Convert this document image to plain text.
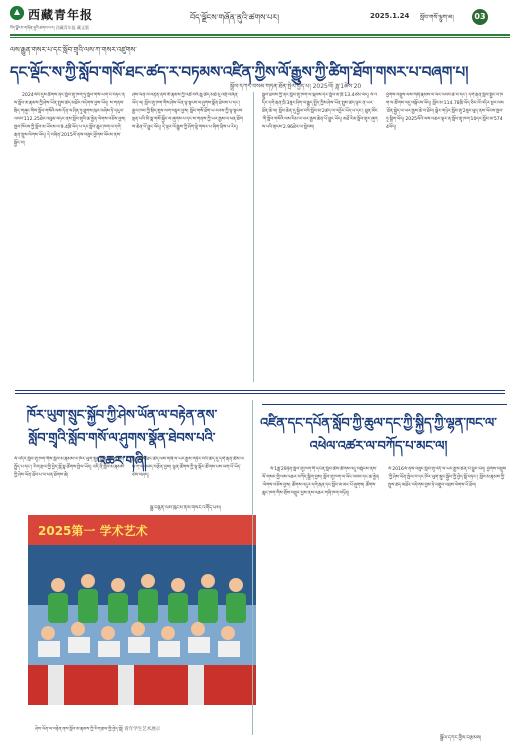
西藏青年报
བོད་ལྗོངས་གཞོན་ནུའི་ཚགས་པར། 西藏青年报 藏文版
བོད་ལྗོངས་གཞོན་ནུའི་ཚགས་པར།	2025.1.24 སློབ་གསོ་ལྷུག་མ།	03
ལས་རྒྱུན་གསར་པ་དང་སློབ་གྲྭའི་ལས་ཀ་གསར་འཛུགས་
དང་ལྡོང་ས་ཀྱི་སློབ་གསོ་ཐང་ཚད་ར་བཏམས་འཛིན་ཀྱིས་ལོ་རྒྱུས་ཀྱི་ཚིག་ཐོག་གསར་པ་བཞག་པ།
སྒྲོལ་དཀར་བསམ་གཏན་ཐོན་སྤེལ་བྱེད་པ། 2025ལོ། ཟླ་1ཚེས་20
2024ལོའི་དུས་ཚིགས་ནང་སློབ་གྲྭ་ཁག་ཏུ་སློབ་གསོ་ཡག་པོ་བཏང་ནས་སློབ་མ་རྣམས་ཀྱི་ཤེས་ཡོན་སྤུས་ཚད་མཐོར་འདེགས་བྱས་ཡོད། ས་གནས་སྲིད་གཞུང་གིས་སློབ་གསོའི་ལས་དོན་ལ་ཤིན་ཏུ་ཐུགས་ཁུར་བཞེས་ཏེ་དངུལ་འབབ་112.25ཐེར་འབུམ་བཏང་ནས་སློབ་གྲྭའི་ཆ་རྐྱེན་ལེགས་བཅོས་བྱས། ཁྱབ་ཁོངས་ཀྱི་སློབ་མ་ཡོངས་ལ་9.4ཁྲི་ཡོད་པ་དང་སློབ་ཆུང་ཁག་ལ་དགེ་རྒན་སྤུས་ལེགས་ཡོད། དེ་བཞིན་2015ལོ་ནས་བཟུང་ཕྱོགས་ཡོངས་ནས་སྐྱོང་བ།
ཤེས་ཡོན་ལ་བརྟེན་ནས་མི་རྣམས་ཀྱི་འཚོ་བའི་ཆུ་ཚད་མཐོ་རུ་འགྲོ་བཞིན་ཡོད་ལ། སློབ་གྲྭ་ཁག་གིས་ཤེས་ཡོན་ལྟ་སྟངས་ལ་ཤུགས་སྣོན་ཐེབས་པ་དང་། རྒྱལ་ཁབ་ཀྱི་སྲིད་ཇུས་ལག་བསྟར་བྱས། སློབ་གསོ་ཐོག་ཡ་རབས་ཀྱི་ལྟ་སྟངས་ལྡན་པའི་མི་སྣ་གསོ་སྐྱོང་ལ་ཞུགས་པ་དང་ས་གནས་ཀྱི་ཡར་རྒྱས་ལ་ཕན་ཐོགས་ཆེན་པོ་བྱུང་ཡོད། དེ་ལྟར་ལོ་རྒྱུས་ཀྱི་ཤོག་ལྷེ་གསར་པ་ཞིག་བྲིས་པ་རེད།
སྒྲུབ་ཐབས་ཀྱི་ནང་སློབ་གྲྭ་ཁག་ལ་སྐབས་དེར་སློབ་མ་ཁྲི་13.4ཙམ་ཡོད། ལོ་འདིར་དགེ་རྒན་ཁྲི་3ཟུར་ཤིག་ལ་རྒྱུད་སྤྲོད་ཀྱིས་ཤེས་ཡོན་སྤུས་ཚད་ལྟར་ན་ཡར་ཐོན་ཆེ་ལ། སློབ་ཆེན་དུ་སྐྱེལ་བའི་སློབ་མ་2ཚད་ལ་འབྱོར་ཡོད་པ་དང་། ཐུན་མོང་གི་སློབ་གསོའི་ལས་རིམ་ལ་ཡར་རྒྱས་ཆེན་པོ་བྱུང་ཡོད། མཐོ་རིམ་སློབ་གྲྭར་ཞུགས་པའི་གྲངས་2.96ཐེར་ལ་སླེབས།
ཕྱོགས་བསྡུས་ལས་གཞི་རྣམས་ལ་ཡོང་འབབ་ཆེ་བ་དང་། དགེ་རྒན་སློབ་སྦྱོང་བ་ཁག་ལ་ཚོགས་འདུ་བསྐོངས་ཡོད། སློབ་མ་114.78ཁྲི་ཡོད་ཅིང་ལོ་འདིར་སྔར་ལས་ཐོན་སྐྱེད་ལ་ཡར་རྒྱས་ཆེ་བ་ཐོབ། སྒེར་གཉེར་སློབ་གྲྭ་2ཟུར་ཕུད་ནས་ཡོངས་ཁྱབ་ཏུ་སྒྲིག་ཡོད། 2025ལོའི་ལས་འཆར་ལྟར་ན་སློབ་གྲྭ་ཁག་10དང་སློབ་མ་5744ཡོད།
ཁོར་ཡུག་སྲུང་སྐྱོབ་ཀྱི་ཤེས་ཡོན་ལ་བརྟེན་ནས་སློབ་གྲྭའི་སློབ་གསོ་ལ་ཤུགས་སྣོན་ཐེབས་པའི་འཆར་གཞི།
ལོ་འདིར་སློབ་གྲྭ་ཁག་གིས་སློབ་མ་རྣམས་ལ་ཁོར་ཡུག་སྲུང་སྐྱོབ་ཀྱི་ཤེས་ཡོན་སྤྲོད་པ་དང་། རིག་རྩལ་གྱི་བྱེད་སྒོ་སྣ་ཚོགས་སྤེལ་ཡོད། འདི་ནི་སློབ་མ་རྣམས་ཀྱི་ཤེས་ཡོན་ཐོབ་པ་ལ་ཕན་ཐོགས་ཆེ།
སློབ་གསོ་ཐང་ཚད་ལས་གཞི་ལ་ཡར་རྒྱས་གཏོང་བའི་ཆེད་དུ་དགེ་རྒན་ཚོས་ལས་ཀ་ལ་འབད་བརྩོན་བྱས། ལྷན་ཚོགས་ཀྱི་ལྟ་སྐོར་ཚོགས་པས་ཡག་པོ་ཡོད་ཅེས་བཤད།
སྒྲ་བརྙན་ལས་ཁུངས་ནས་གསར་འགོད་པས།
2025第一 学术艺术
ཤེས་ཡོན་ལ་བརྟེན་ནས་སློབ་མ་རྣམས་ཀྱི་རིག་རྩལ་གྱི་བྱེད་སྒོ། 青年学生艺术展示
འཛིན་དང་དཔོན་སློབ་ཀྱི་ཆུལ་དང་ཀྱི་སྐྱིད་ཀྱི་ལྷན་ཁང་ལ་འཕེལ་འཚར་ལ་བཀོད་པ་མང་ལ།
ལོ་1ཟླ་29ཉིན་སློབ་གྲྭ་ཁག་གི་དཔོན་སློབ་ཚོས་ཚོགས་འདུ་བསྐོངས་ནས་ལོ་གསར་གྱི་ལས་འཆར་བཀོད་སྒྲིག་བྱས། སློབ་གྲྭ་ཁག་ལ་ཡོང་འབབ་དང་ཆ་རྐྱེན་ལེགས་བཅོས་བྱས། ཚོགས་འདུར་དགེ་རྒན་དང་སློབ་མ་མང་པོ་ཞུགས། ཚོགས་ཆུང་ཁག་གིས་གྲོས་བསྡུར་བྱས་ནས་འཆར་གཞི་ཁག་བཏོན།
ལོ་2016ལོ་ནས་བཟུང་སློབ་གྲྭ་འདི་ལ་ཡར་རྒྱས་ཆེན་པོ་བྱུང་ཡོད། ཕྱོགས་བསྡུས་ཀྱི་ཤེས་ཡོན་སྤེལ་བ་དང་ཁོར་ཡུག་སྲུང་སྐྱོབ་ཀྱི་བྱེད་སྒོ་བཏང་། སློབ་མ་རྣམས་ཀྱི་སྤུས་ཚད་མཐོར་འདེགས་བྱས་ཏེ་འགྲུབ་འབྲས་ལེགས་པོ་ཐོབ།
སྒྲོལ་དཀར་གྱིས་བརྩམས།
